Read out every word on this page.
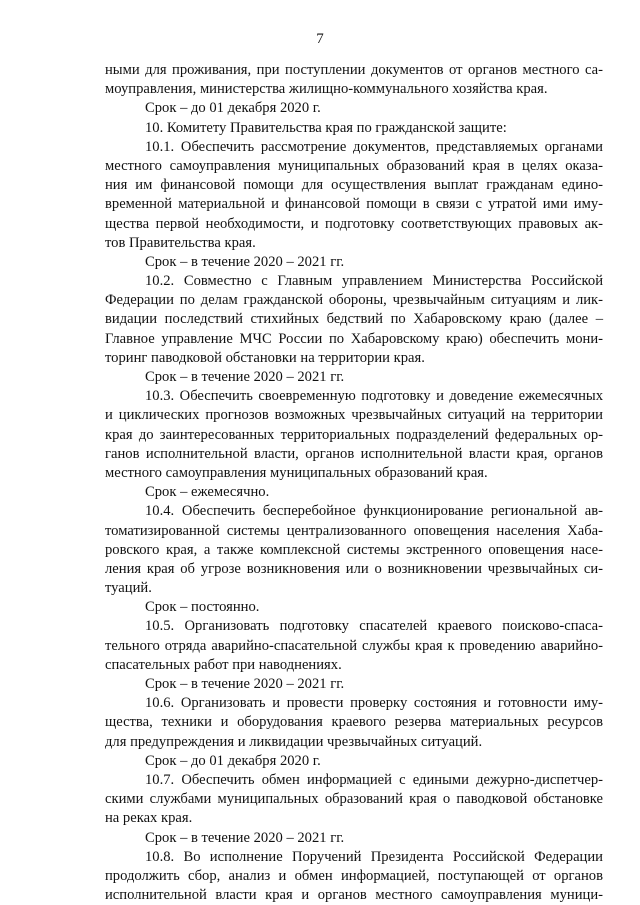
7
ными для проживания, при поступлении документов от органов местного са-
моуправления, министерства жилищно-коммунального хозяйства края.
Срок – до 01 декабря 2020 г.
10. Комитету Правительства края по гражданской защите:
10.1. Обеспечить рассмотрение документов, представляемых органами
местного самоуправления муниципальных образований края в целях оказа-
ния им финансовой помощи для осуществления выплат гражданам едино-
временной материальной и финансовой помощи в связи с утратой ими иму-
щества первой необходимости, и подготовку соответствующих правовых ак-
тов Правительства края.
Срок – в течение 2020 – 2021 гг.
10.2. Совместно с Главным управлением Министерства Российской
Федерации по делам гражданской обороны, чрезвычайным ситуациям и лик-
видации последствий стихийных бедствий по Хабаровскому краю (далее –
Главное управление МЧС России по Хабаровскому краю) обеспечить мони-
торинг паводковой обстановки на территории края.
Срок – в течение 2020 – 2021 гг.
10.3. Обеспечить своевременную подготовку и доведение ежемесячных
и циклических прогнозов возможных чрезвычайных ситуаций на территории
края до заинтересованных территориальных подразделений федеральных ор-
ганов исполнительной власти, органов исполнительной власти края, органов
местного самоуправления муниципальных образований края.
Срок – ежемесячно.
10.4. Обеспечить бесперебойное функционирование региональной ав-
томатизированной системы централизованного оповещения населения Хаба-
ровского края, а также комплексной системы экстренного оповещения насе-
ления края об угрозе возникновения или о возникновении чрезвычайных си-
туаций.
Срок – постоянно.
10.5. Организовать подготовку спасателей краевого поисково-спаса-
тельного отряда аварийно-спасательной службы края к проведению аварийно-
спасательных работ при наводнениях.
Срок – в течение 2020 – 2021 гг.
10.6. Организовать и провести проверку состояния и готовности иму-
щества, техники и оборудования краевого резерва материальных ресурсов
для предупреждения и ликвидации чрезвычайных ситуаций.
Срок – до 01 декабря 2020 г.
10.7. Обеспечить обмен информацией с едиными дежурно-диспетчер-
скими службами муниципальных образований края о паводковой обстановке
на реках края.
Срок – в течение 2020 – 2021 гг.
10.8. Во исполнение Поручений Президента Российской Федерации
продолжить сбор, анализ и обмен информацией, поступающей от органов
исполнительной власти края и органов местного самоуправления муници-
